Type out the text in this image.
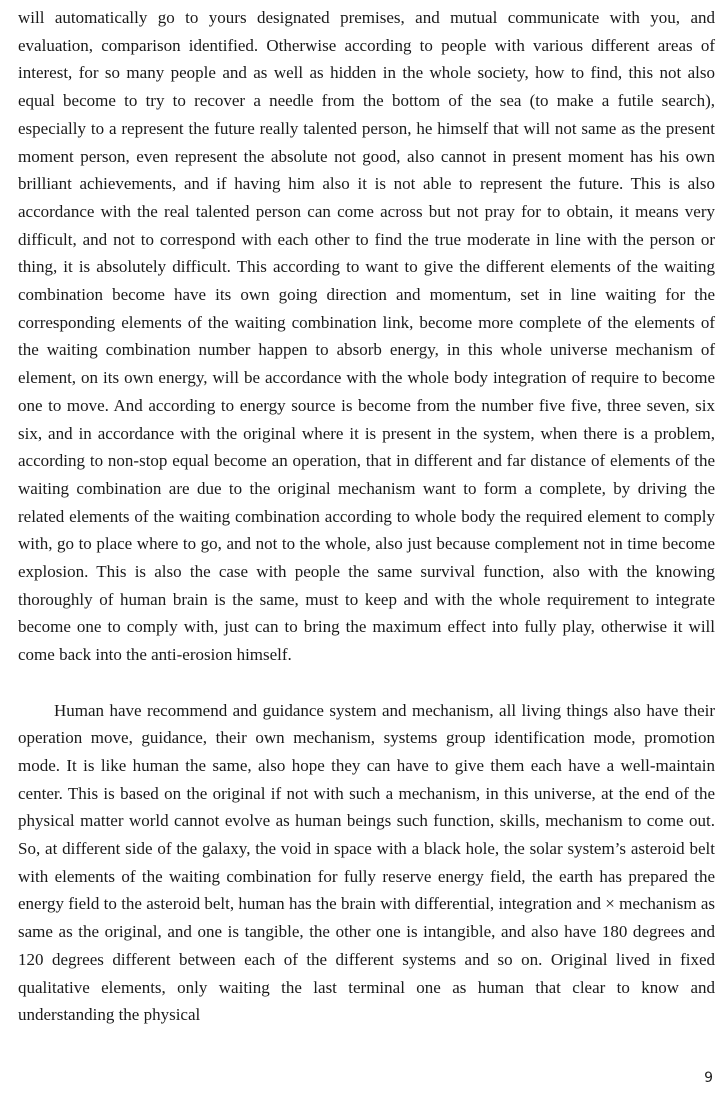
will automatically go to yours designated premises, and mutual communicate with you, and evaluation, comparison identified. Otherwise according to people with various different areas of interest, for so many people and as well as hidden in the whole society, how to find, this not also equal become to try to recover a needle from the bottom of the sea (to make a futile search), especially to a represent the future really talented person, he himself that will not same as the present moment person, even represent the absolute not good, also cannot in present moment has his own brilliant achievements, and if having him also it is not able to represent the future. This is also accordance with the real talented person can come across but not pray for to obtain, it means very difficult, and not to correspond with each other to find the true moderate in line with the person or thing, it is absolutely difficult. This according to want to give the different elements of the waiting combination become have its own going direction and momentum, set in line waiting for the corresponding elements of the waiting combination link, become more complete of the elements of the waiting combination number happen to absorb energy, in this whole universe mechanism of element, on its own energy, will be accordance with the whole body integration of require to become one to move. And according to energy source is become from the number five five, three seven, six six, and in accordance with the original where it is present in the system, when there is a problem, according to non-stop equal become an operation, that in different and far distance of elements of the waiting combination are due to the original mechanism want to form a complete, by driving the related elements of the waiting combination according to whole body the required element to comply with, go to place where to go, and not to the whole, also just because complement not in time become explosion. This is also the case with people the same survival function, also with the knowing thoroughly of human brain is the same, must to keep and with the whole requirement to integrate become one to comply with, just can to bring the maximum effect into fully play, otherwise it will come back into the anti-erosion himself.

Human have recommend and guidance system and mechanism, all living things also have their operation move, guidance, their own mechanism, systems group identification mode, promotion mode. It is like human the same, also hope they can have to give them each have a well-maintain center. This is based on the original if not with such a mechanism, in this universe, at the end of the physical matter world cannot evolve as human beings such function, skills, mechanism to come out. So, at different side of the galaxy, the void in space with a black hole, the solar system’s asteroid belt with elements of the waiting combination for fully reserve energy field, the earth has prepared the energy field to the asteroid belt, human has the brain with differential, integration and × mechanism as same as the original, and one is tangible, the other one is intangible, and also have 180 degrees and 120 degrees different between each of the different systems and so on. Original lived in fixed qualitative elements, only waiting the last terminal one as human that clear to know and understanding the physical

9
